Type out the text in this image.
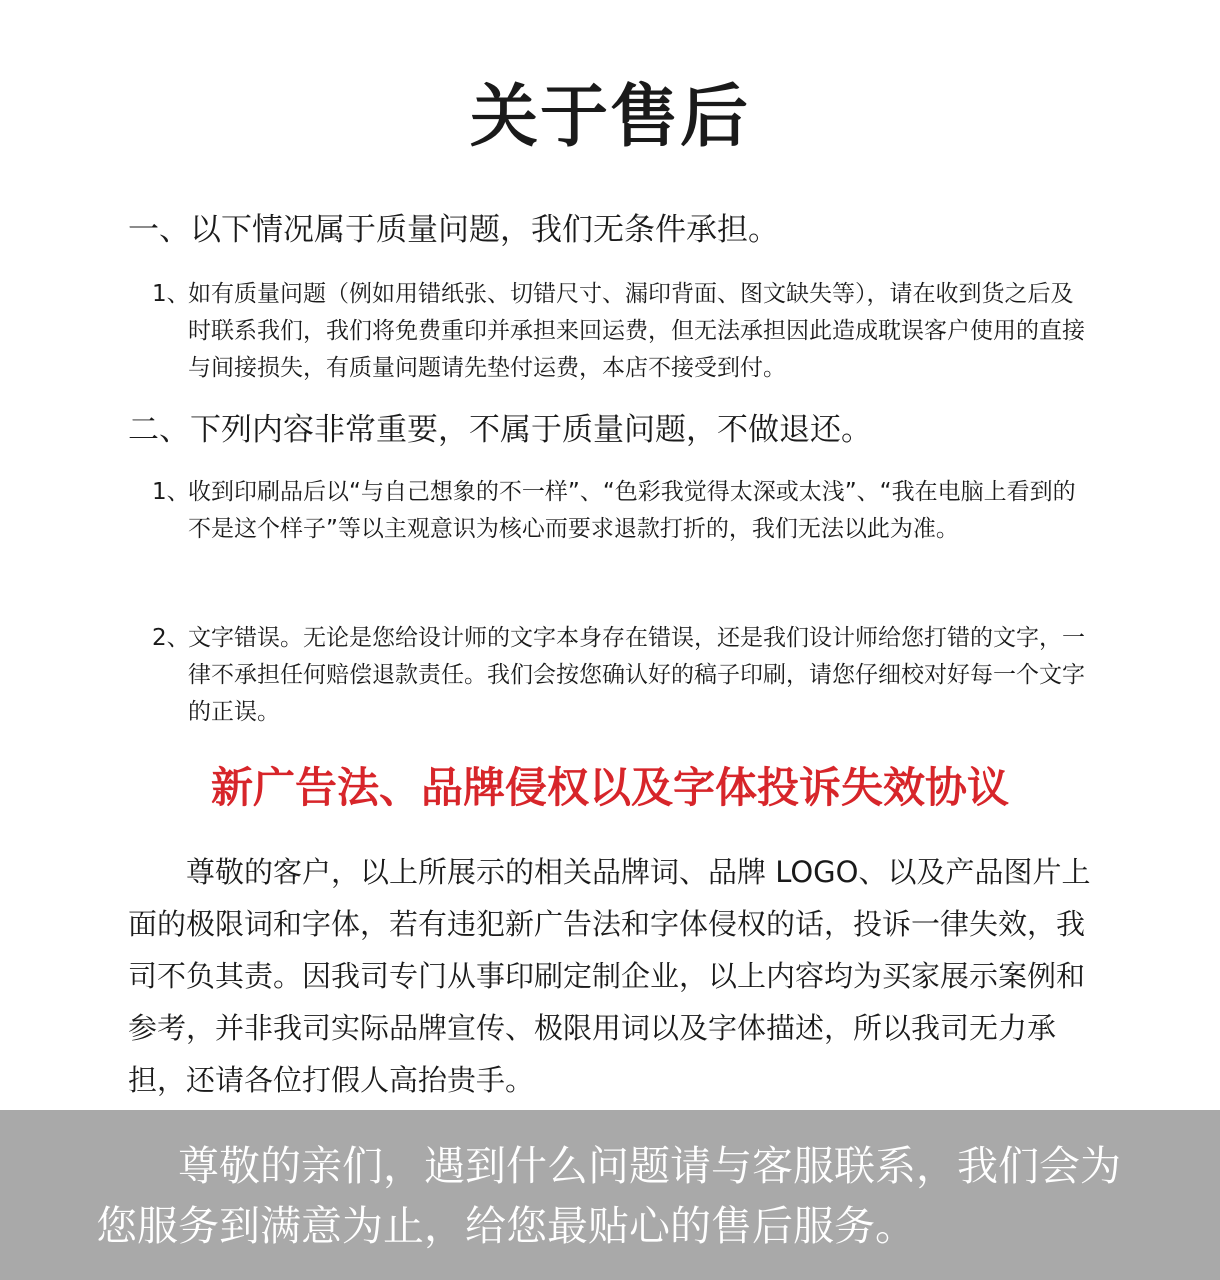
关于售后
一、以下情况属于质量问题，我们无条件承担。
1、
如有质量问题（例如用错纸张、切错尺寸、漏印背面、图文缺失等），请在收到货之后及时联系我们，我们将免费重印并承担来回运费，但无法承担因此造成耽误客户使用的直接与间接损失，有质量问题请先垫付运费，本店不接受到付。
二、下列内容非常重要，不属于质量问题，不做退还。
1、
收到印刷品后以“与自己想象的不一样”、“色彩我觉得太深或太浅”、“我在电脑上看到的不是这个样子”等以主观意识为核心而要求退款打折的，我们无法以此为准。
2、
文字错误。无论是您给设计师的文字本身存在错误，还是我们设计师给您打错的文字，一律不承担任何赔偿退款责任。我们会按您确认好的稿子印刷，请您仔细校对好每一个文字的正误。
新广告法、品牌侵权以及字体投诉失效协议
尊敬的客户，以上所展示的相关品牌词、品牌 LOGO、以及产品图片上面的极限词和字体，若有违犯新广告法和字体侵权的话，投诉一律失效，我司不负其责。因我司专门从事印刷定制企业，以上内容均为买家展示案例和参考，并非我司实际品牌宣传、极限用词以及字体描述，所以我司无力承担，还请各位打假人高抬贵手。
尊敬的亲们，遇到什么问题请与客服联系，我们会为您服务到满意为止，给您最贴心的售后服务。
